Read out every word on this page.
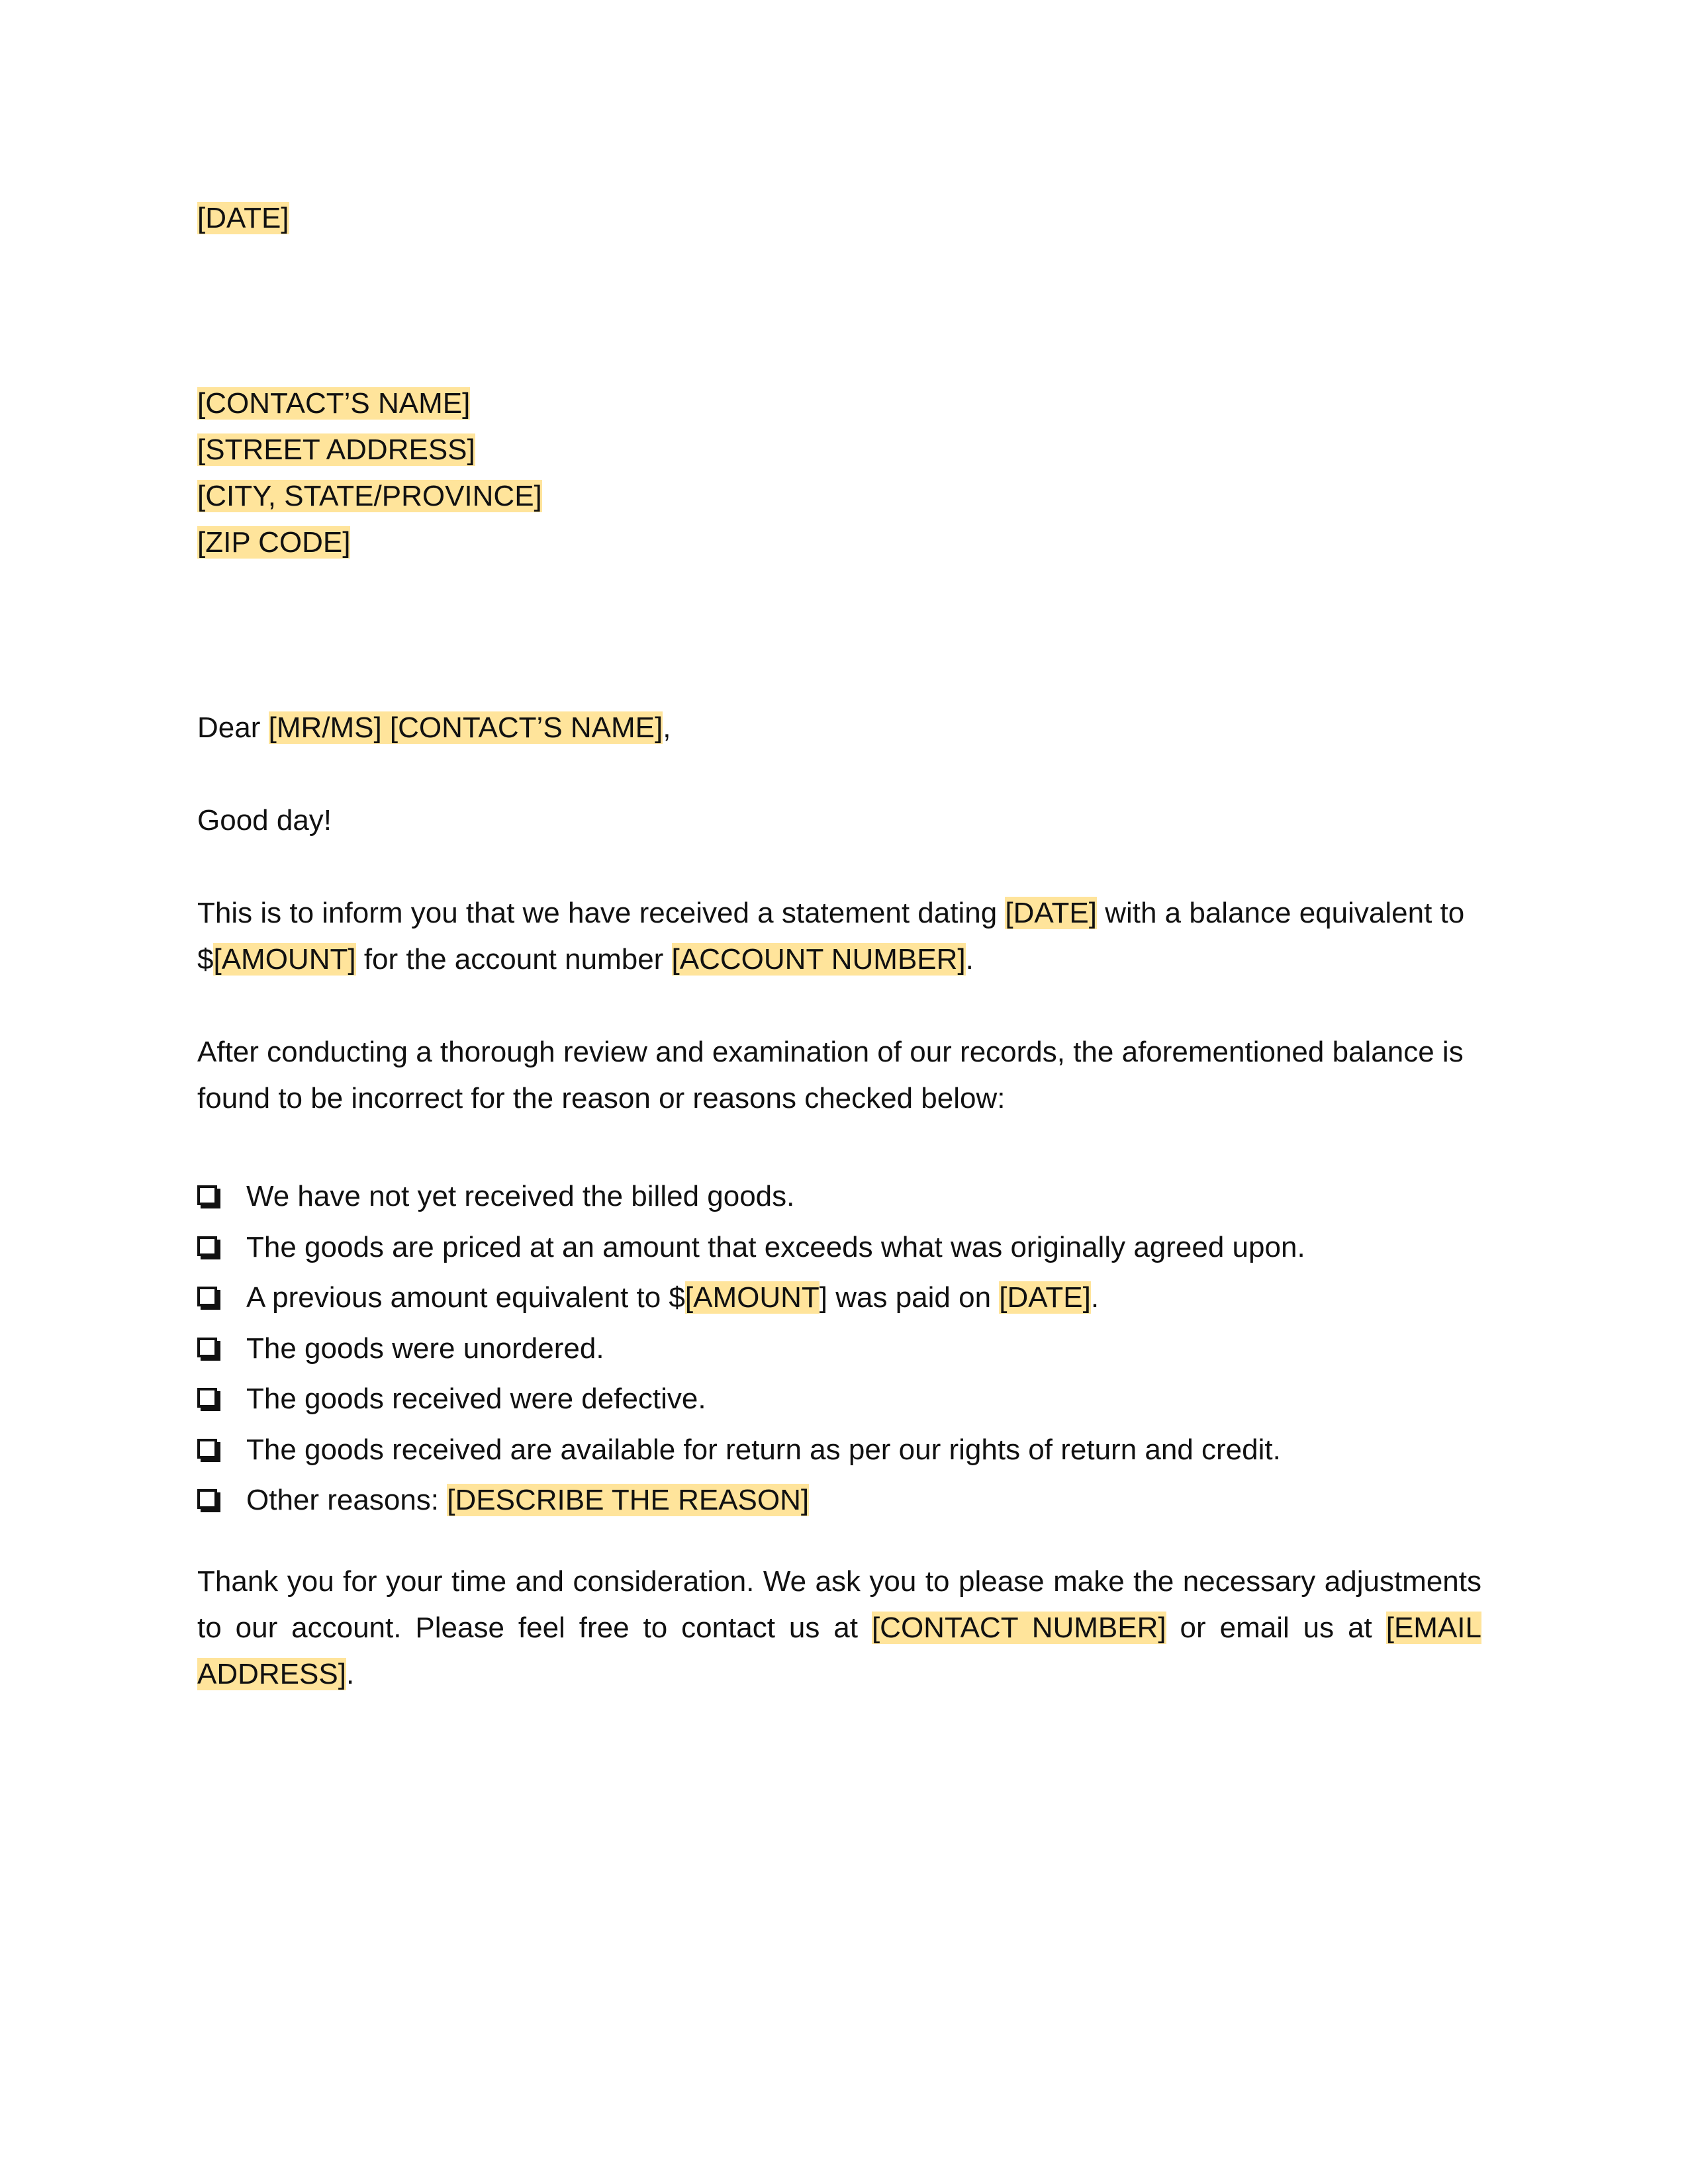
[DATE]
[CONTACT’S NAME]
[STREET ADDRESS]
[CITY, STATE/PROVINCE]
[ZIP CODE]
Dear [MR/MS] [CONTACT’S NAME],
Good day!
This is to inform you that we have received a statement dating [DATE] with a balance equivalent to $[AMOUNT] for the account number [ACCOUNT NUMBER].
After conducting a thorough review and examination of our records, the aforementioned balance is found to be incorrect for the reason or reasons checked below:
We have not yet received the billed goods.
The goods are priced at an amount that exceeds what was originally agreed upon.
A previous amount equivalent to $[AMOUNT] was paid on [DATE].
The goods were unordered.
The goods received were defective.
The goods received are available for return as per our rights of return and credit.
Other reasons: [DESCRIBE THE REASON]
Thank you for your time and consideration. We ask you to please make the necessary adjustments to our account. Please feel free to contact us at [CONTACT NUMBER] or email us at [EMAIL ADDRESS].
